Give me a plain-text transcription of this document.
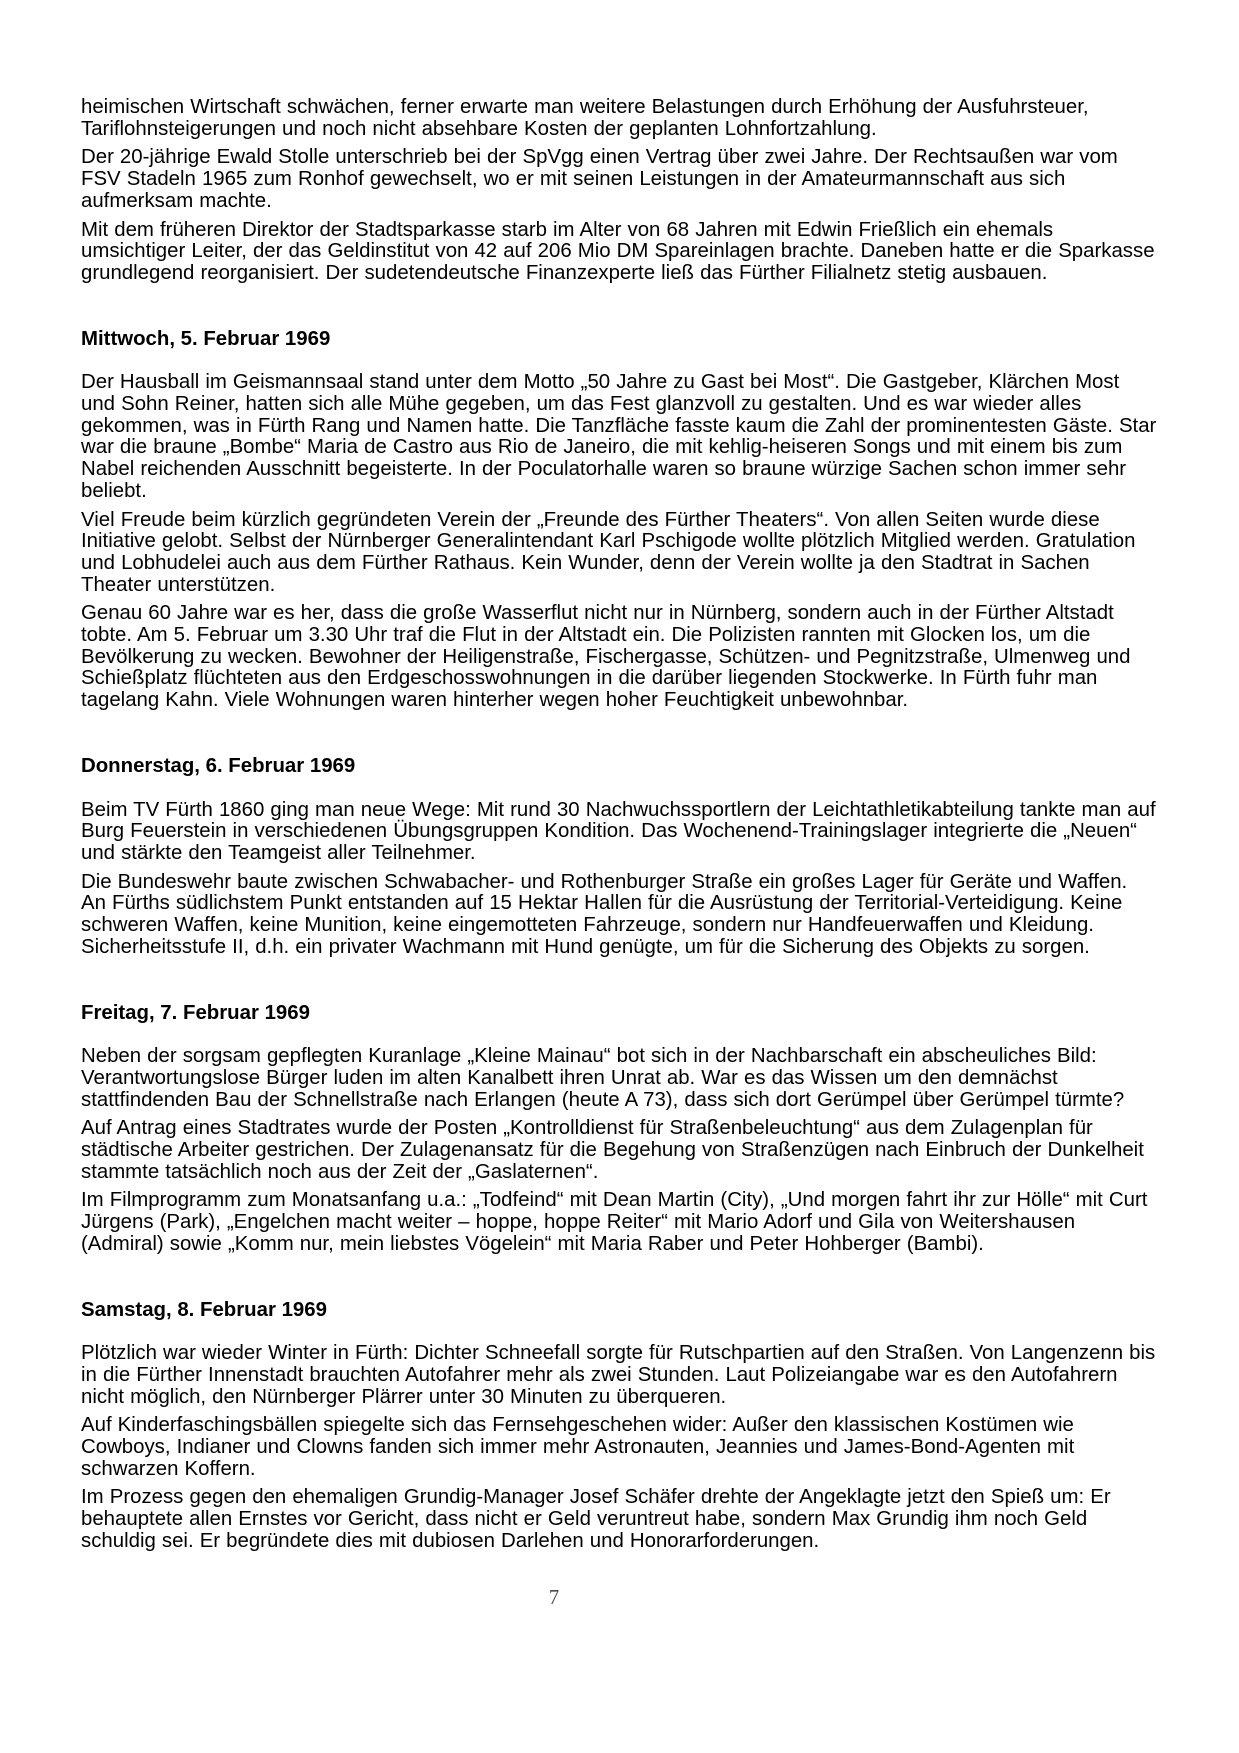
heimischen Wirtschaft schwächen, ferner erwarte man weitere Belastungen durch Erhöhung der Ausfuhrsteuer, Tariflohnsteigerungen und noch nicht absehbare Kosten der geplanten Lohnfortzahlung.

Der 20-jährige Ewald Stolle unterschrieb bei der SpVgg einen Vertrag über zwei Jahre. Der Rechtsaußen war vom FSV Stadeln 1965 zum Ronhof gewechselt, wo er mit seinen Leistungen in der Amateurmannschaft aus sich aufmerksam machte.

Mit dem früheren Direktor der Stadtsparkasse starb im Alter von 68 Jahren mit Edwin Frießlich ein ehemals umsichtiger Leiter, der das Geldinstitut von 42 auf 206 Mio DM Spareinlagen brachte. Daneben hatte er die Sparkasse grundlegend reorganisiert. Der sudetendeutsche Finanzexperte ließ das Fürther Filialnetz stetig ausbauen.

Mittwoch, 5. Februar 1969

Der Hausball im Geismannsaal stand unter dem Motto „50 Jahre zu Gast bei Most“. Die Gastgeber, Klärchen Most und Sohn Reiner, hatten sich alle Mühe gegeben, um das Fest glanzvoll zu gestalten. Und es war wieder alles gekommen, was in Fürth Rang und Namen hatte. Die Tanzfläche fasste kaum die Zahl der prominentesten Gäste. Star war die braune „Bombe“ Maria de Castro aus Rio de Janeiro, die mit kehlig-heiseren Songs und mit einem bis zum Nabel reichenden Ausschnitt begeisterte. In der Poculatorhalle waren so braune würzige Sachen schon immer sehr beliebt.

Viel Freude beim kürzlich gegründeten Verein der „Freunde des Fürther Theaters“. Von allen Seiten wurde diese Initiative gelobt. Selbst der Nürnberger Generalintendant Karl Pschigode wollte plötzlich Mitglied werden. Gratulation und Lobhudelei auch aus dem Fürther Rathaus. Kein Wunder, denn der Verein wollte ja den Stadtrat in Sachen Theater unterstützen.

Genau 60 Jahre war es her, dass die große Wasserflut nicht nur in Nürnberg, sondern auch in der Fürther Altstadt tobte. Am 5. Februar um 3.30 Uhr traf die Flut in der Altstadt ein. Die Polizisten rannten mit Glocken los, um die Bevölkerung zu wecken. Bewohner der Heiligenstraße, Fischergasse, Schützen- und Pegnitzstraße, Ulmenweg und Schießplatz flüchteten aus den Erdgeschosswohnungen in die darüber liegenden Stockwerke. In Fürth fuhr man tagelang Kahn. Viele Wohnungen waren hinterher wegen hoher Feuchtigkeit unbewohnbar.

Donnerstag, 6. Februar 1969

Beim TV Fürth 1860 ging man neue Wege: Mit rund 30 Nachwuchssportlern der Leichtathletikabteilung tankte man auf Burg Feuerstein in verschiedenen Übungsgruppen Kondition. Das Wochenend-Trainingslager integrierte die „Neuen“ und stärkte den Teamgeist aller Teilnehmer.

Die Bundeswehr baute zwischen Schwabacher- und Rothenburger Straße ein großes Lager für Geräte und Waffen. An Fürths südlichstem Punkt entstanden auf 15 Hektar Hallen für die Ausrüstung der Territorial-Verteidigung. Keine schweren Waffen, keine Munition, keine eingemotteten Fahrzeuge, sondern nur Handfeuerwaffen und Kleidung. Sicherheitsstufe II, d.h. ein privater Wachmann mit Hund genügte, um für die Sicherung des Objekts zu sorgen.

Freitag, 7. Februar 1969

Neben der sorgsam gepflegten Kuranlage „Kleine Mainau“ bot sich in der Nachbarschaft ein abscheuliches Bild: Verantwortungslose Bürger luden im alten Kanalbett ihren Unrat ab. War es das Wissen um den demnächst stattfindenden Bau der Schnellstraße nach Erlangen (heute A 73), dass sich dort Gerümpel über Gerümpel türmte?

Auf Antrag eines Stadtrates wurde der Posten „Kontrolldienst für Straßenbeleuchtung“ aus dem Zulagenplan für städtische Arbeiter gestrichen. Der Zulagenansatz für die Begehung von Straßenzügen nach Einbruch der Dunkelheit stammte tatsächlich noch aus der Zeit der „Gaslaternen“.

Im Filmprogramm zum Monatsanfang u.a.: „Todfeind“ mit Dean Martin (City), „Und morgen fahrt ihr zur Hölle“ mit Curt Jürgens (Park), „Engelchen macht weiter – hoppe, hoppe Reiter“ mit Mario Adorf und Gila von Weitershausen (Admiral) sowie „Komm nur, mein liebstes Vögelein“ mit Maria Raber und Peter Hohberger (Bambi).

Samstag, 8. Februar 1969

Plötzlich war wieder Winter in Fürth: Dichter Schneefall sorgte für Rutschpartien auf den Straßen. Von Langenzenn bis in die Fürther Innenstadt brauchten Autofahrer mehr als zwei Stunden. Laut Polizeiangabe war es den Autofahrern nicht möglich, den Nürnberger Plärrer unter 30 Minuten zu überqueren.

Auf Kinderfaschingsbällen spiegelte sich das Fernsehgeschehen wider: Außer den klassischen Kostümen wie Cowboys, Indianer und Clowns fanden sich immer mehr Astronauten, Jeannies und James-Bond-Agenten mit schwarzen Koffern.

Im Prozess gegen den ehemaligen Grundig-Manager Josef Schäfer drehte der Angeklagte jetzt den Spieß um: Er behauptete allen Ernstes vor Gericht, dass nicht er Geld veruntreut habe, sondern Max Grundig ihm noch Geld schuldig sei. Er begründete dies mit dubiosen Darlehen und Honorarforderungen.

7
